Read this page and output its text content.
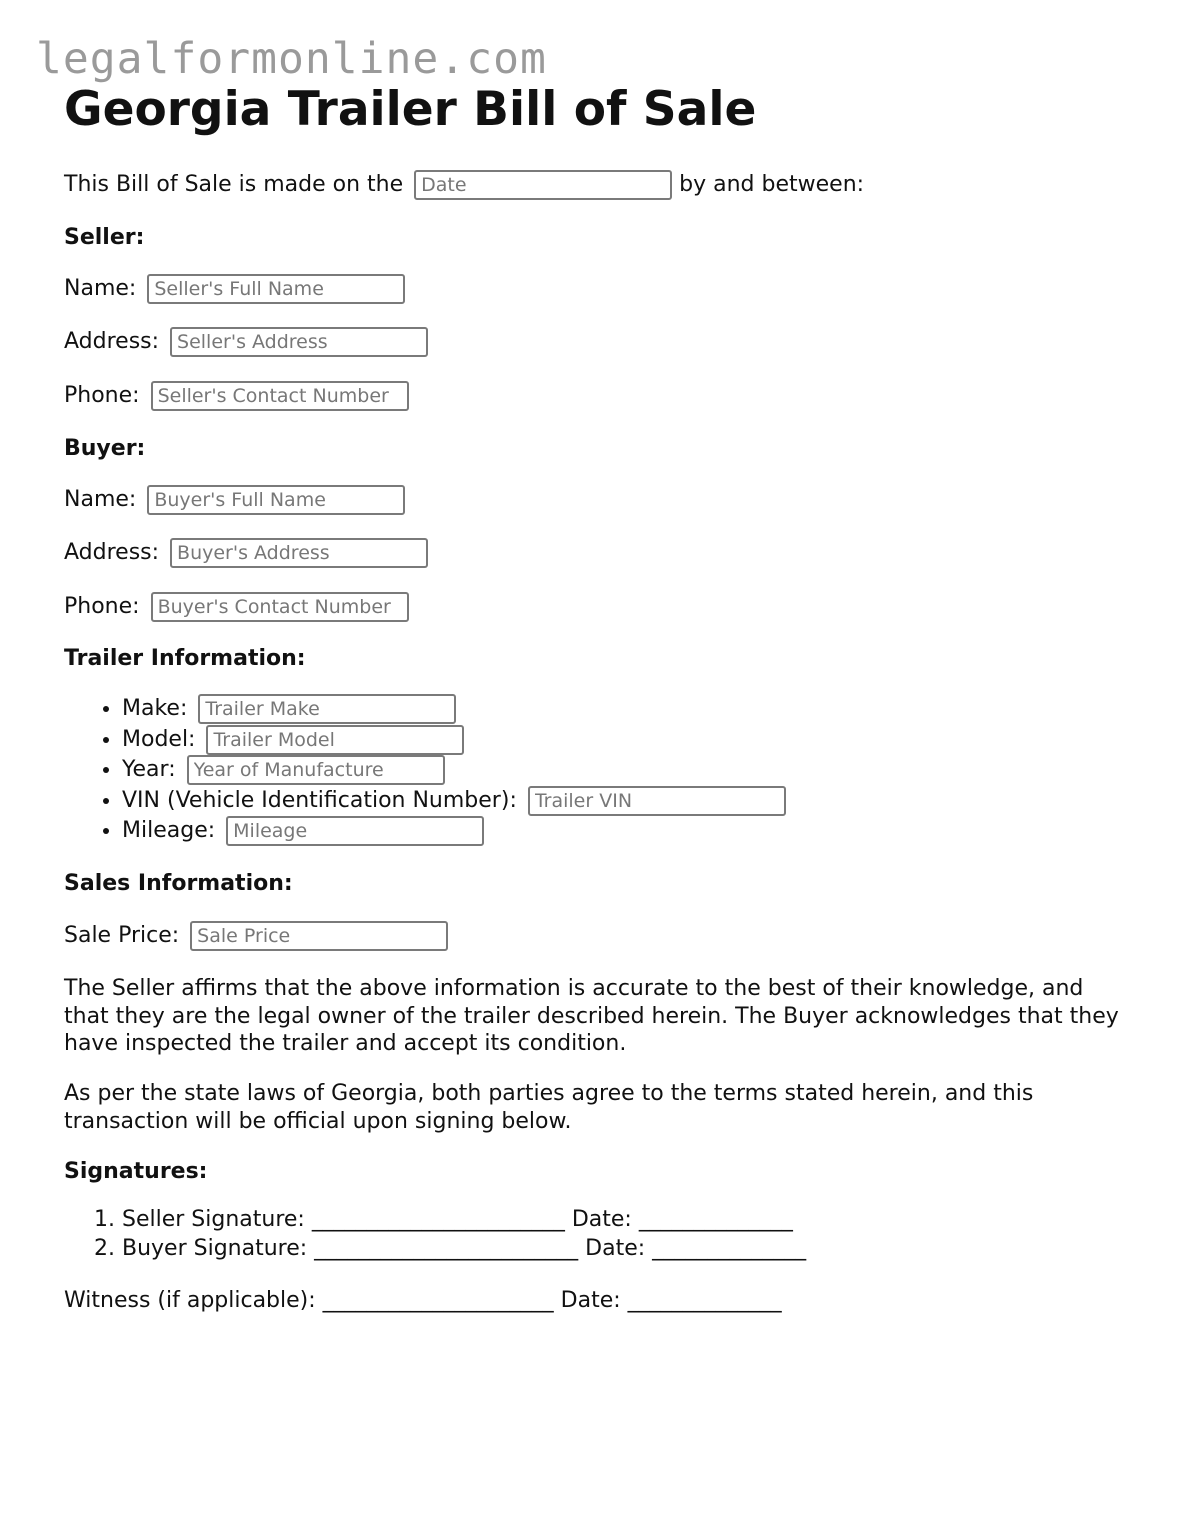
legalformonline.com
Georgia Trailer Bill of Sale
This Bill of Sale is made on the Date	by and between:
Seller:
Name: Seller's Full Name
Address: Seller's Address
Phone: Seller's Contact Number
Buyer:
Name: Buyer's Full Name
Address: Buyer's Address
Phone: Buyer's Contact Number
Trailer Information:
• Make: Trailer Make
• Model: Trailer Model
• Year: Year of Manufacture
• VIN (Vehicle Identification Number): Trailer VIN
• Mileage: Mileage
Sales Information:
Sale Price: Sale Price

The Seller affirms that the above information is accurate to the best of their knowledge, and that they are the legal owner of the trailer described herein. The Buyer acknowledges that they have inspected the trailer and accept its condition.

As per the state laws of Georgia, both parties agree to the terms stated herein, and this transaction will be official upon signing below.

Signatures:
1. Seller Signature: _______________________ Date: ______________
2. Buyer Signature: ________________________ Date: ______________
Witness (if applicable): _____________________ Date: ______________
